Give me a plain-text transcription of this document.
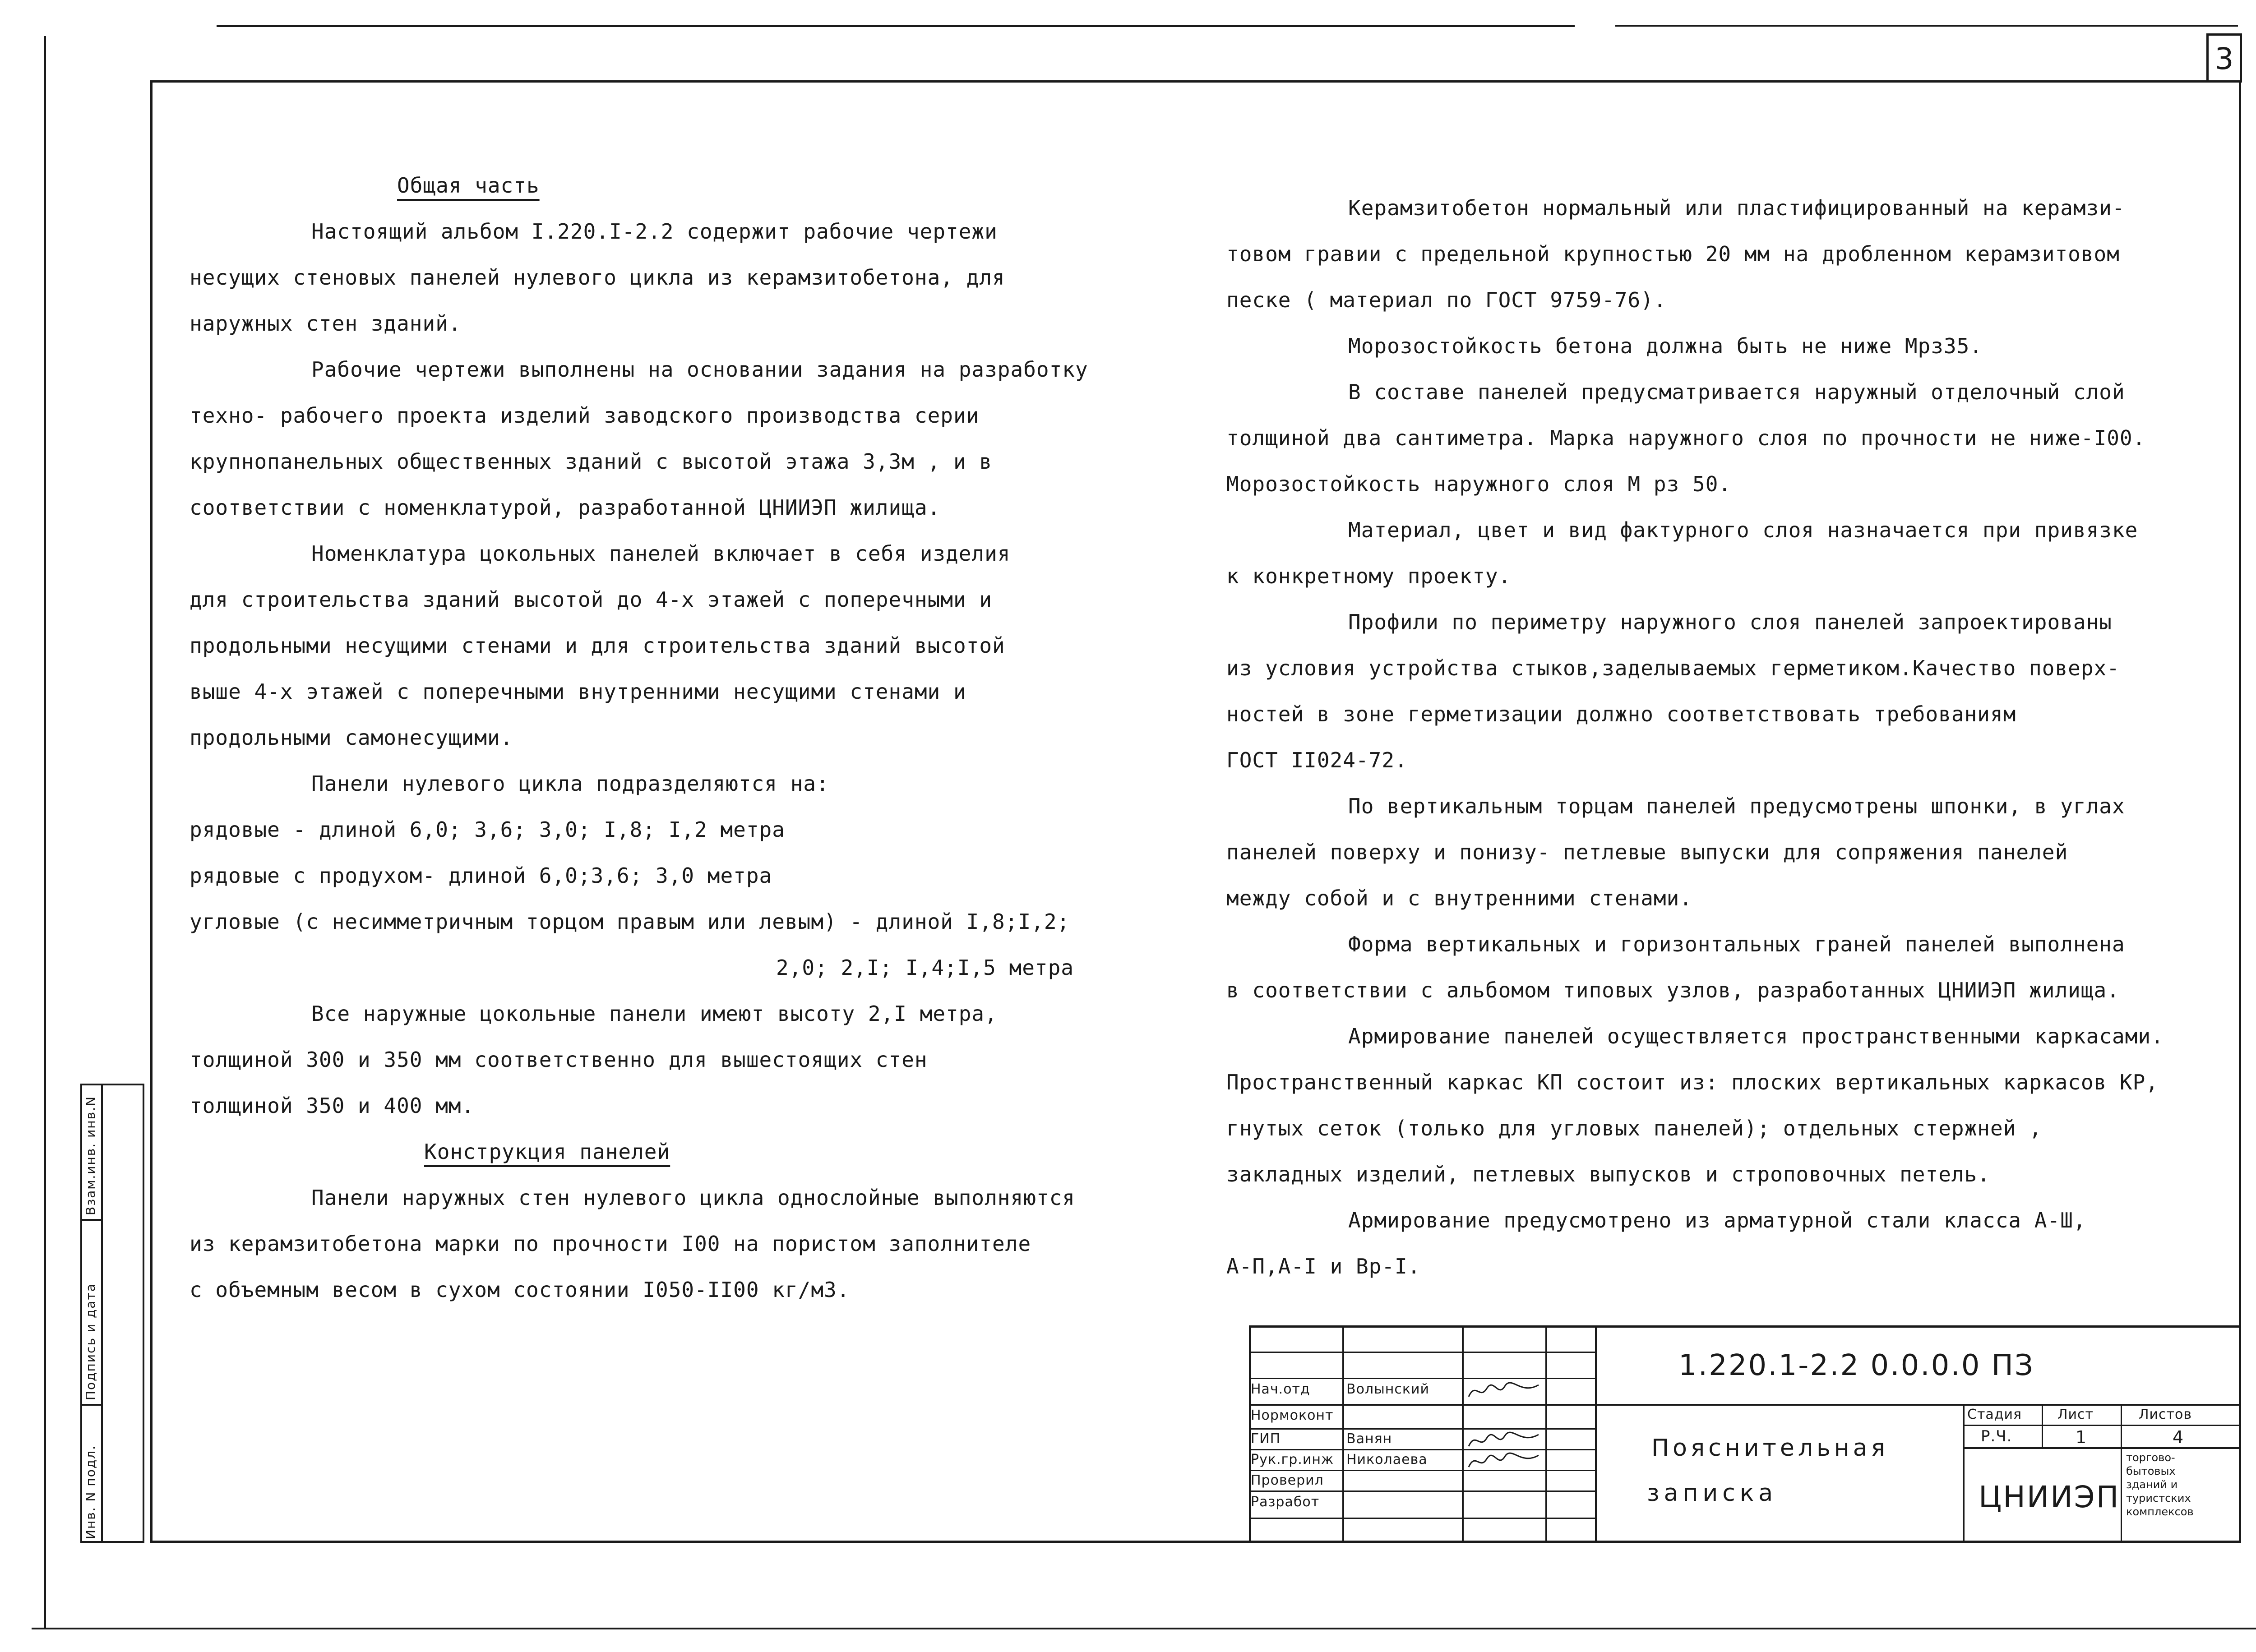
3
Инв. N подл.
Подпись и дата
Взам.инв. инв.N

Общая часть

Настоящий альбом I.220.I-2.2 содержит рабочие чертежи

несущих стеновых панелей нулевого цикла из керамзитобетона, для

наружных стен зданий.

Рабочие чертежи выполнены на основании задания на разработку

техно- рабочего проекта изделий заводского производства серии

крупнопанельных общественных зданий с высотой этажа 3,3м , и в

соответствии с номенклатурой, разработанной ЦНИИЭП жилища.

Номенклатура цокольных панелей включает в себя изделия

для строительства зданий высотой до 4-х этажей с поперечными и

продольными несущими стенами и для строительства зданий высотой

выше 4-х этажей с поперечными внутренними несущими стенами и

продольными самонесущими.

Панели нулевого цикла подразделяются на:

рядовые - длиной 6,0; 3,6; 3,0; I,8; I,2 метра

рядовые с продухом- длиной 6,0;3,6; 3,0 метра

угловые (с несимметричным торцом правым или левым) - длиной I,8;I,2;

2,0; 2,I; I,4;I,5 метра

Все наружные цокольные панели имеют высоту 2,I метра,

толщиной 300 и 350 мм соответственно для вышестоящих стен

толщиной 350 и 400 мм.

Конструкция панелей

Панели наружных стен нулевого цикла однослойные выполняются

из керамзитобетона марки по прочности I00 на пористом заполнителе

с объемным весом в сухом состоянии I050-II00 кг/м3.

Керамзитобетон нормальный или пластифицированный на керамзи-

товом гравии с предельной крупностью 20 мм на дробленном керамзитовом

песке ( материал по ГОСТ 9759-76).

Морозостойкость бетона должна быть не ниже Мрз35.

В составе панелей предусматривается наружный отделочный слой

толщиной два сантиметра. Марка наружного слоя по прочности не ниже-I00.

Морозостойкость наружного слоя М рз 50.

Материал, цвет и вид фактурного слоя назначается при привязке

к конкретному проекту.

Профили по периметру наружного слоя панелей запроектированы

из условия устройства стыков,заделываемых герметиком.Качество поверх-

ностей в зоне герметизации должно соответствовать требованиям

ГОСТ II024-72.

По вертикальным торцам панелей предусмотрены шпонки, в углах

панелей поверху и понизу- петлевые выпуски для сопряжения панелей

между собой и с внутренними стенами.

Форма вертикальных и горизонтальных граней панелей выполнена

в соответствии с альбомом типовых узлов, разработанных ЦНИИЭП жилища.

Армирование панелей осуществляется пространственными каркасами.

Пространственный каркас КП состоит из: плоских вертикальных каркасов КР,

гнутых сеток (только для угловых панелей); отдельных стержней ,

закладных изделий, петлевых выпусков и строповочных петель.

Армирование предусмотрено из арматурной стали класса А-Ш,

А-П,А-I и Вр-I.

1.220.1-2.2 0.0.0.0 ПЗ
Пояснительная
записка
Стадия	Лист	Листов
Р.Ч.	1	4
ЦНИИЭП
торгово-
бытовых
зданий и
туристских
комплексов
Нач.отд	Волынский
Нормоконт
ГИП	Ванян
Рук.гр.инж Николаева
Проверил
Разработ
